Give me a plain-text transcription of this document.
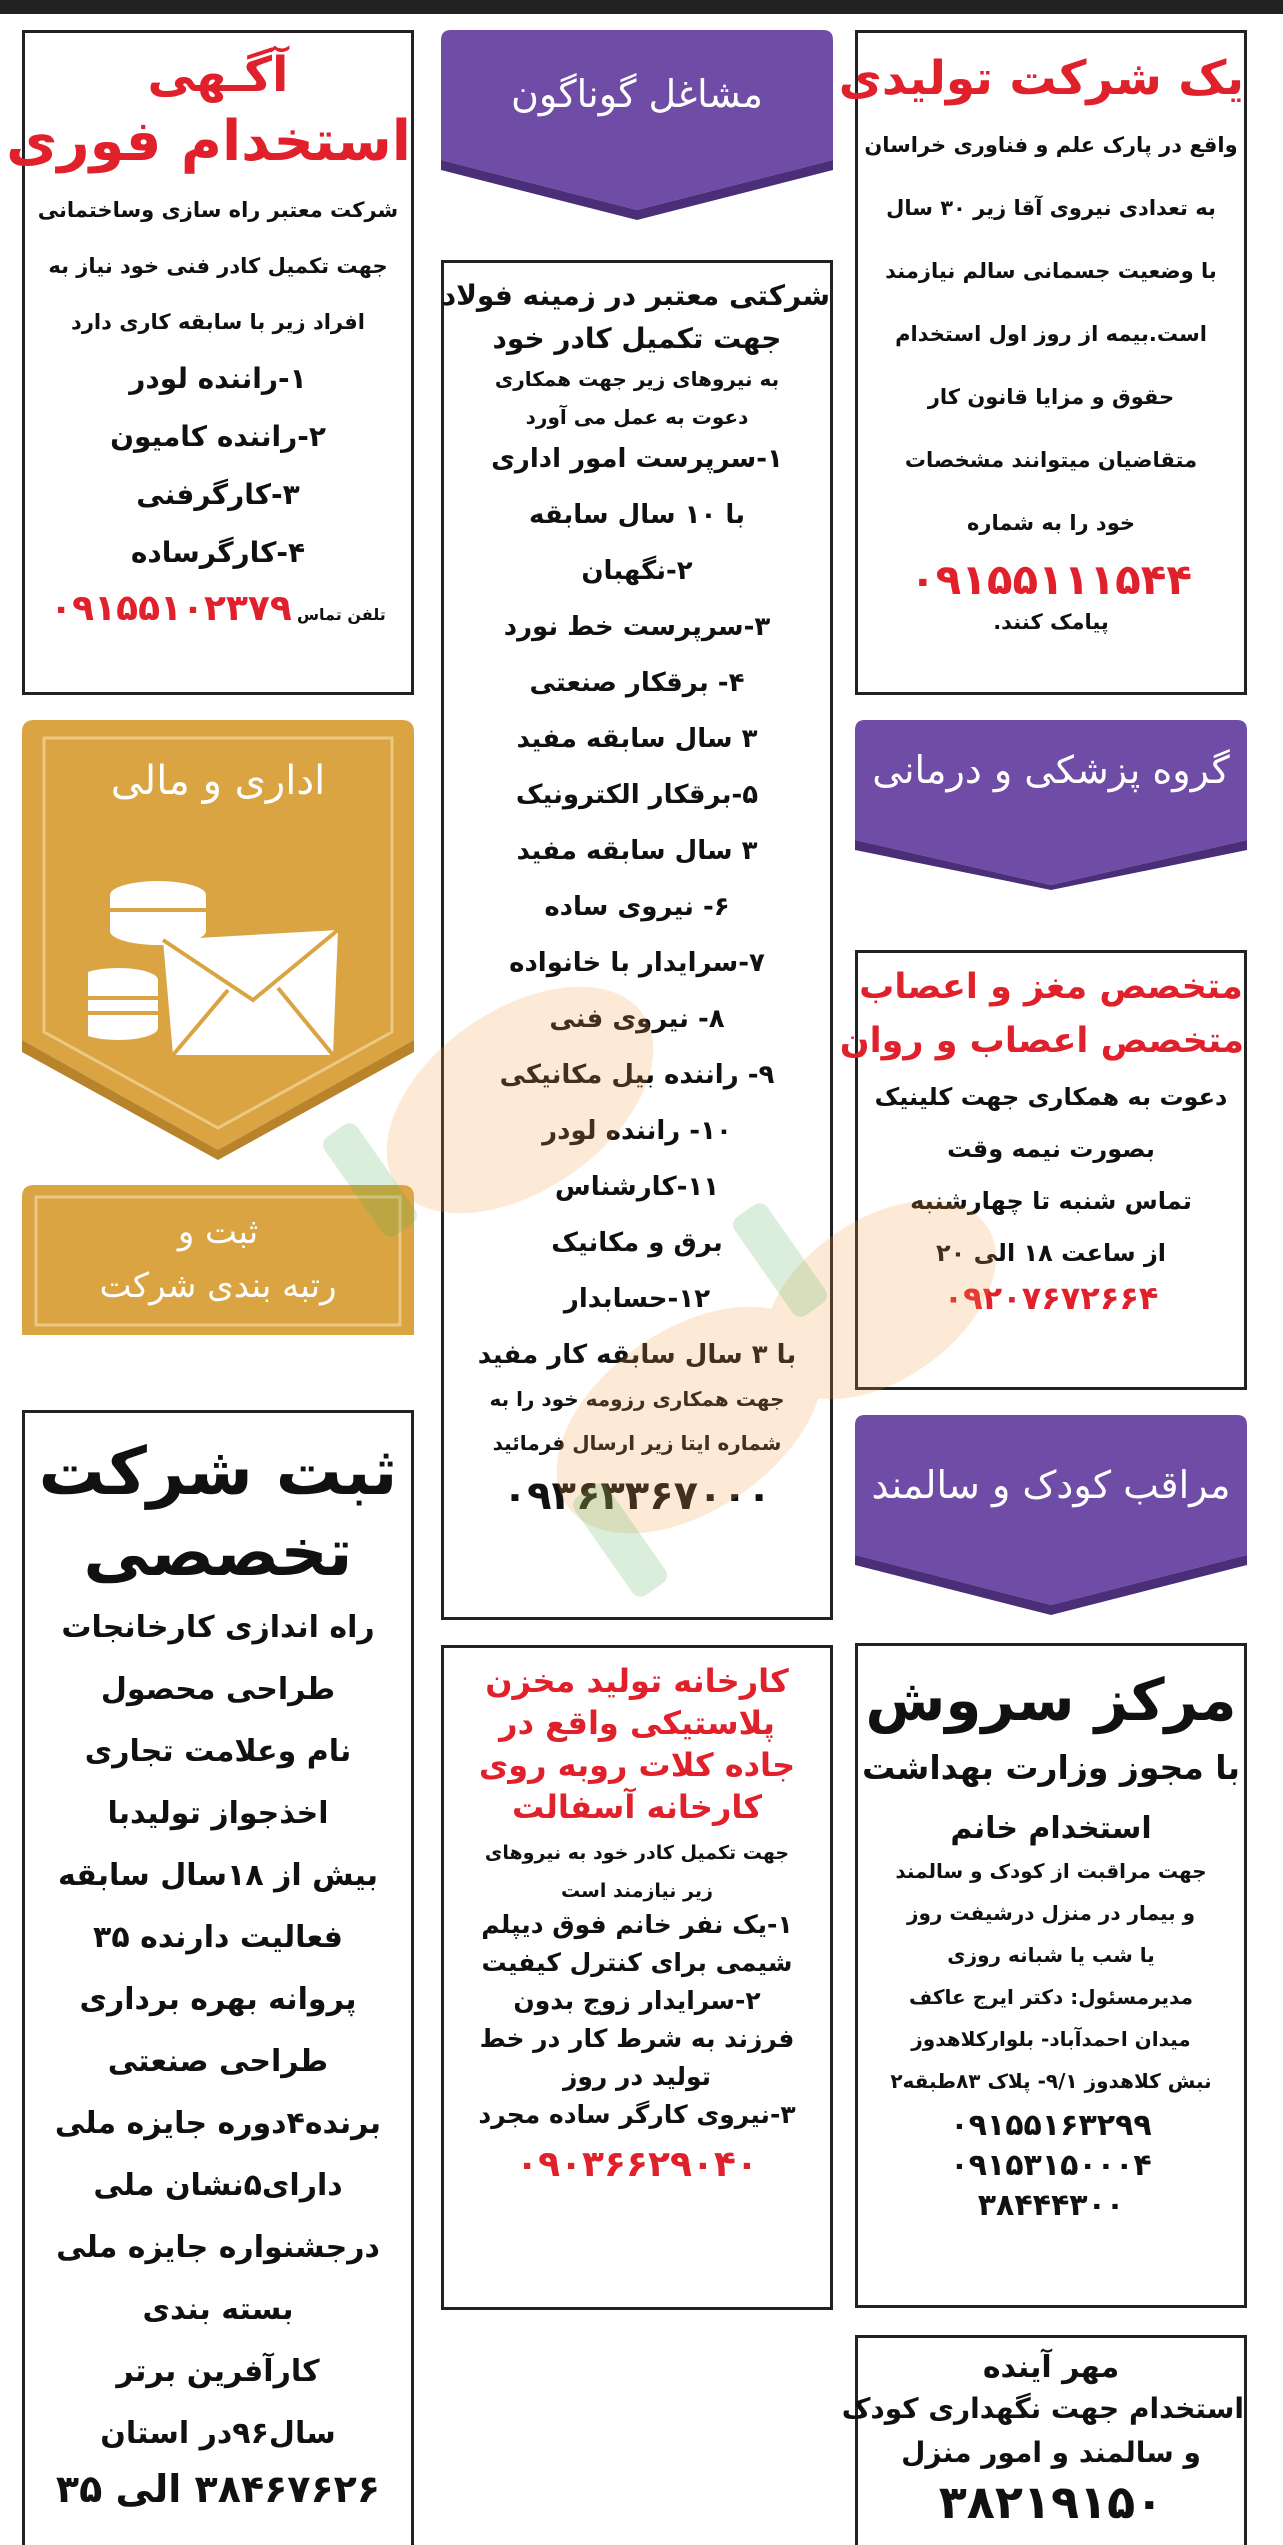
یک شرکت تولیدی
واقع در پارک علم و فناوری خراسان
به تعدادی نیروی آقا زیر ۳۰ سال
با وضعیت جسمانی سالم نیازمند
است.بیمه از روز اول استخدام
حقوق و مزایا قانون کار
متقاضیان میتوانند مشخصات
خود را به شماره
۰۹۱۵۵۱۱۱۵۴۴
پیامک کنند.
گروه پزشکی و درمانی
متخصص مغز و اعصاب
متخصص اعصاب و روان
دعوت به همکاری جهت کلینیک
بصورت نیمه وقت
تماس شنبه تا چهارشنبه
از ساعت ۱۸ الی ۲۰
۰۹۲۰۷۶۷۲۶۶۴
مراقب کودک و سالمند
مرکز سروش
با مجوز وزارت بهداشت
استخدام خانم
جهت مراقبت از کودک و سالمند
و بیمار در منزل درشیفت روز
یا شب یا شبانه روزی
مدیرمسئول: دکتر ایرج عاکف
میدان احمدآباد- بلوارکلاهدوز
نبش کلاهدوز ۹/۱- پلاک ۸۳طبقه۲
۰۹۱۵۵۱۶۳۲۹۹
۰۹۱۵۳۱۵۰۰۰۴
۳۸۴۴۴۳۰۰
مهر آینده
استخدام جهت نگهداری کودک
و سالمند و امور منزل
۳۸۲۱۹۱۵۰
مشاغل گوناگون
شرکتی معتبر در زمینه فولاد
جهت تکمیل کادر خود
به نیروهای زیر جهت همکاری
دعوت به عمل می آورد
۱-سرپرست امور اداری
با ۱۰ سال سابقه
۲-نگهبان
۳-سرپرست خط نورد
۴- برقکار صنعتی
۳ سال سابقه مفید
۵-برقکار الکترونیک
۳ سال سابقه مفید
۶- نیروی ساده
۷-سرایدار با خانواده
۸- نیروی فنی
۹- راننده بیل مکانیکی
۱۰- راننده لودر
۱۱-کارشناس
برق و مکانیک
۱۲-حسابدار
با ۳ سال سابقه کار مفید
جهت همکاری رزومه خود را به
شماره ایتا زیر ارسال فرمائید
۰۹۳۶۳۳۶۷۰۰۰
کارخانه تولید مخزن
پلاستیکی واقع در
جاده کلات روبه روی
کارخانه آسفالت
جهت تکمیل کادر خود به نیروهای
زیر نیازمند است
۱-یک نفر خانم فوق دیپلم
شیمی برای کنترل کیفیت
۲-سرایدار زوج بدون
فرزند به شرط کار در خط
تولید در روز
۳-نیروی کارگر ساده مجرد
۰۹۰۳۶۶۲۹۰۴۰
آگـهی
استخدام فوری
شرکت معتبر راه سازی وساختمانی
جهت تکمیل کادر فنی خود نیاز به
افراد زیر با سابقه کاری دارد
۱-راننده لودر
۲-راننده کامیون
۳-کارگرفنی
۴-کارگرساده
تلفن تماس ۰۹۱۵۵۱۰۲۳۷۹
اداری و مالی
ثبت و
رتبه بندی شرکت
ثبت شرکت
تخصصی
راه اندازی کارخانجات
طراحی محصول
نام وعلامت تجاری
اخذجواز تولیدبا
بیش از ۱۸سال سابقه
فعالیت دارنده ۳۵
پروانه بهره برداری
طراحی صنعتی
برنده۴دوره جایزه ملی
دارای۵نشان ملی
درجشنواره جایزه ملی
بسته بندی
کارآفرین برتر
سال۹۶در استان
۳۸۴۶۷۶۲۶ الی ۳۵
